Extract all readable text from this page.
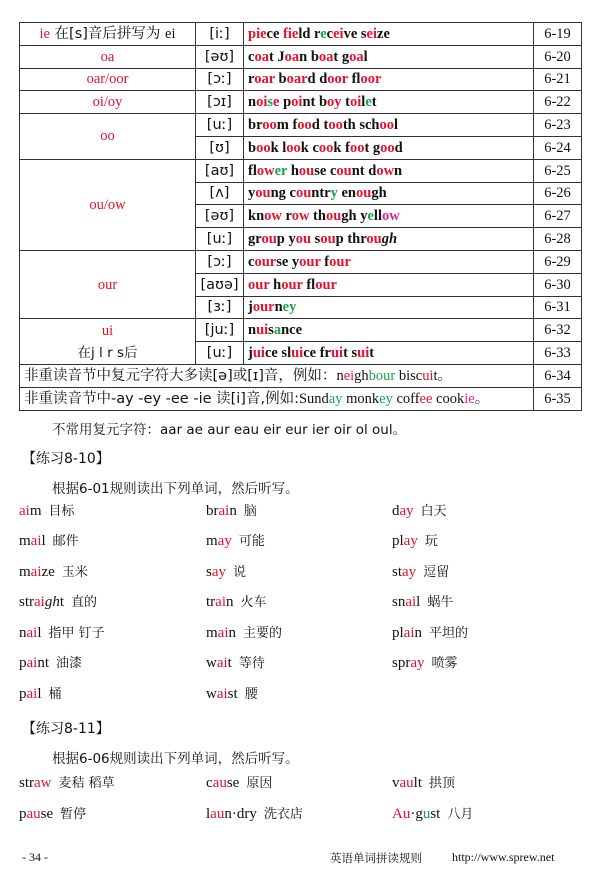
ie 在[s]音后拼写为 ei	[iː]	piece field receive seize	6-19
oa	[əʊ]	coat Joan boat goal	6-20
oar/oor	[ɔː]	roar board door floor	6-21
oi/oy	[ɔɪ]	noise point boy toilet	6-22
oo	[uː]	broom food tooth school	6-23
	[ʊ]	book look cook foot good	6-24
ou/ow	[aʊ]	flower house count down	6-25
	[ʌ]	young country enough	6-26
	[əʊ]	know row though yellow	6-27
	[uː]	group you soup through	6-28
our	[ɔː]	course your four	6-29
	[aʊə]	our hour flour	6-30
	[ɜː]	journey	6-31

ui
在j l r s后	[juː]	nuisance	6-32
	[uː]	juice sluice fruit suit	6-33
非重读音节中复元字符大多读[ə]或[ɪ]音，例如：neighbour biscuit。			6-34
非重读音节中-ay -ey -ee -ie 读[i]音,例如:Sunday monkey coffee cookie。			6-35
不常用复元字符：aar ae aur eau eir eur ier oir ol oul。
【练习8-10】
根据6-01规则读出下列单词，然后听写。
aim 目标	brain 脑	day 白天
mail 邮件	may 可能	play 玩
maize 玉米	say 说	stay 逗留
straight 直的	train 火车	snail 蜗牛
nail 指甲 钉子	main 主要的	plain 平坦的
paint 油漆	wait 等待	spray 喷雾
pail 桶	waist 腰
【练习8-11】
根据6-06规则读出下列单词，然后听写。
straw 麦秸 稻草	cause 原因	vault 拱顶
pause 暂停	laun·dry 洗衣店	Au·gust 八月
- 34 -	英语单词拼读规则	http://www.sprew.net
